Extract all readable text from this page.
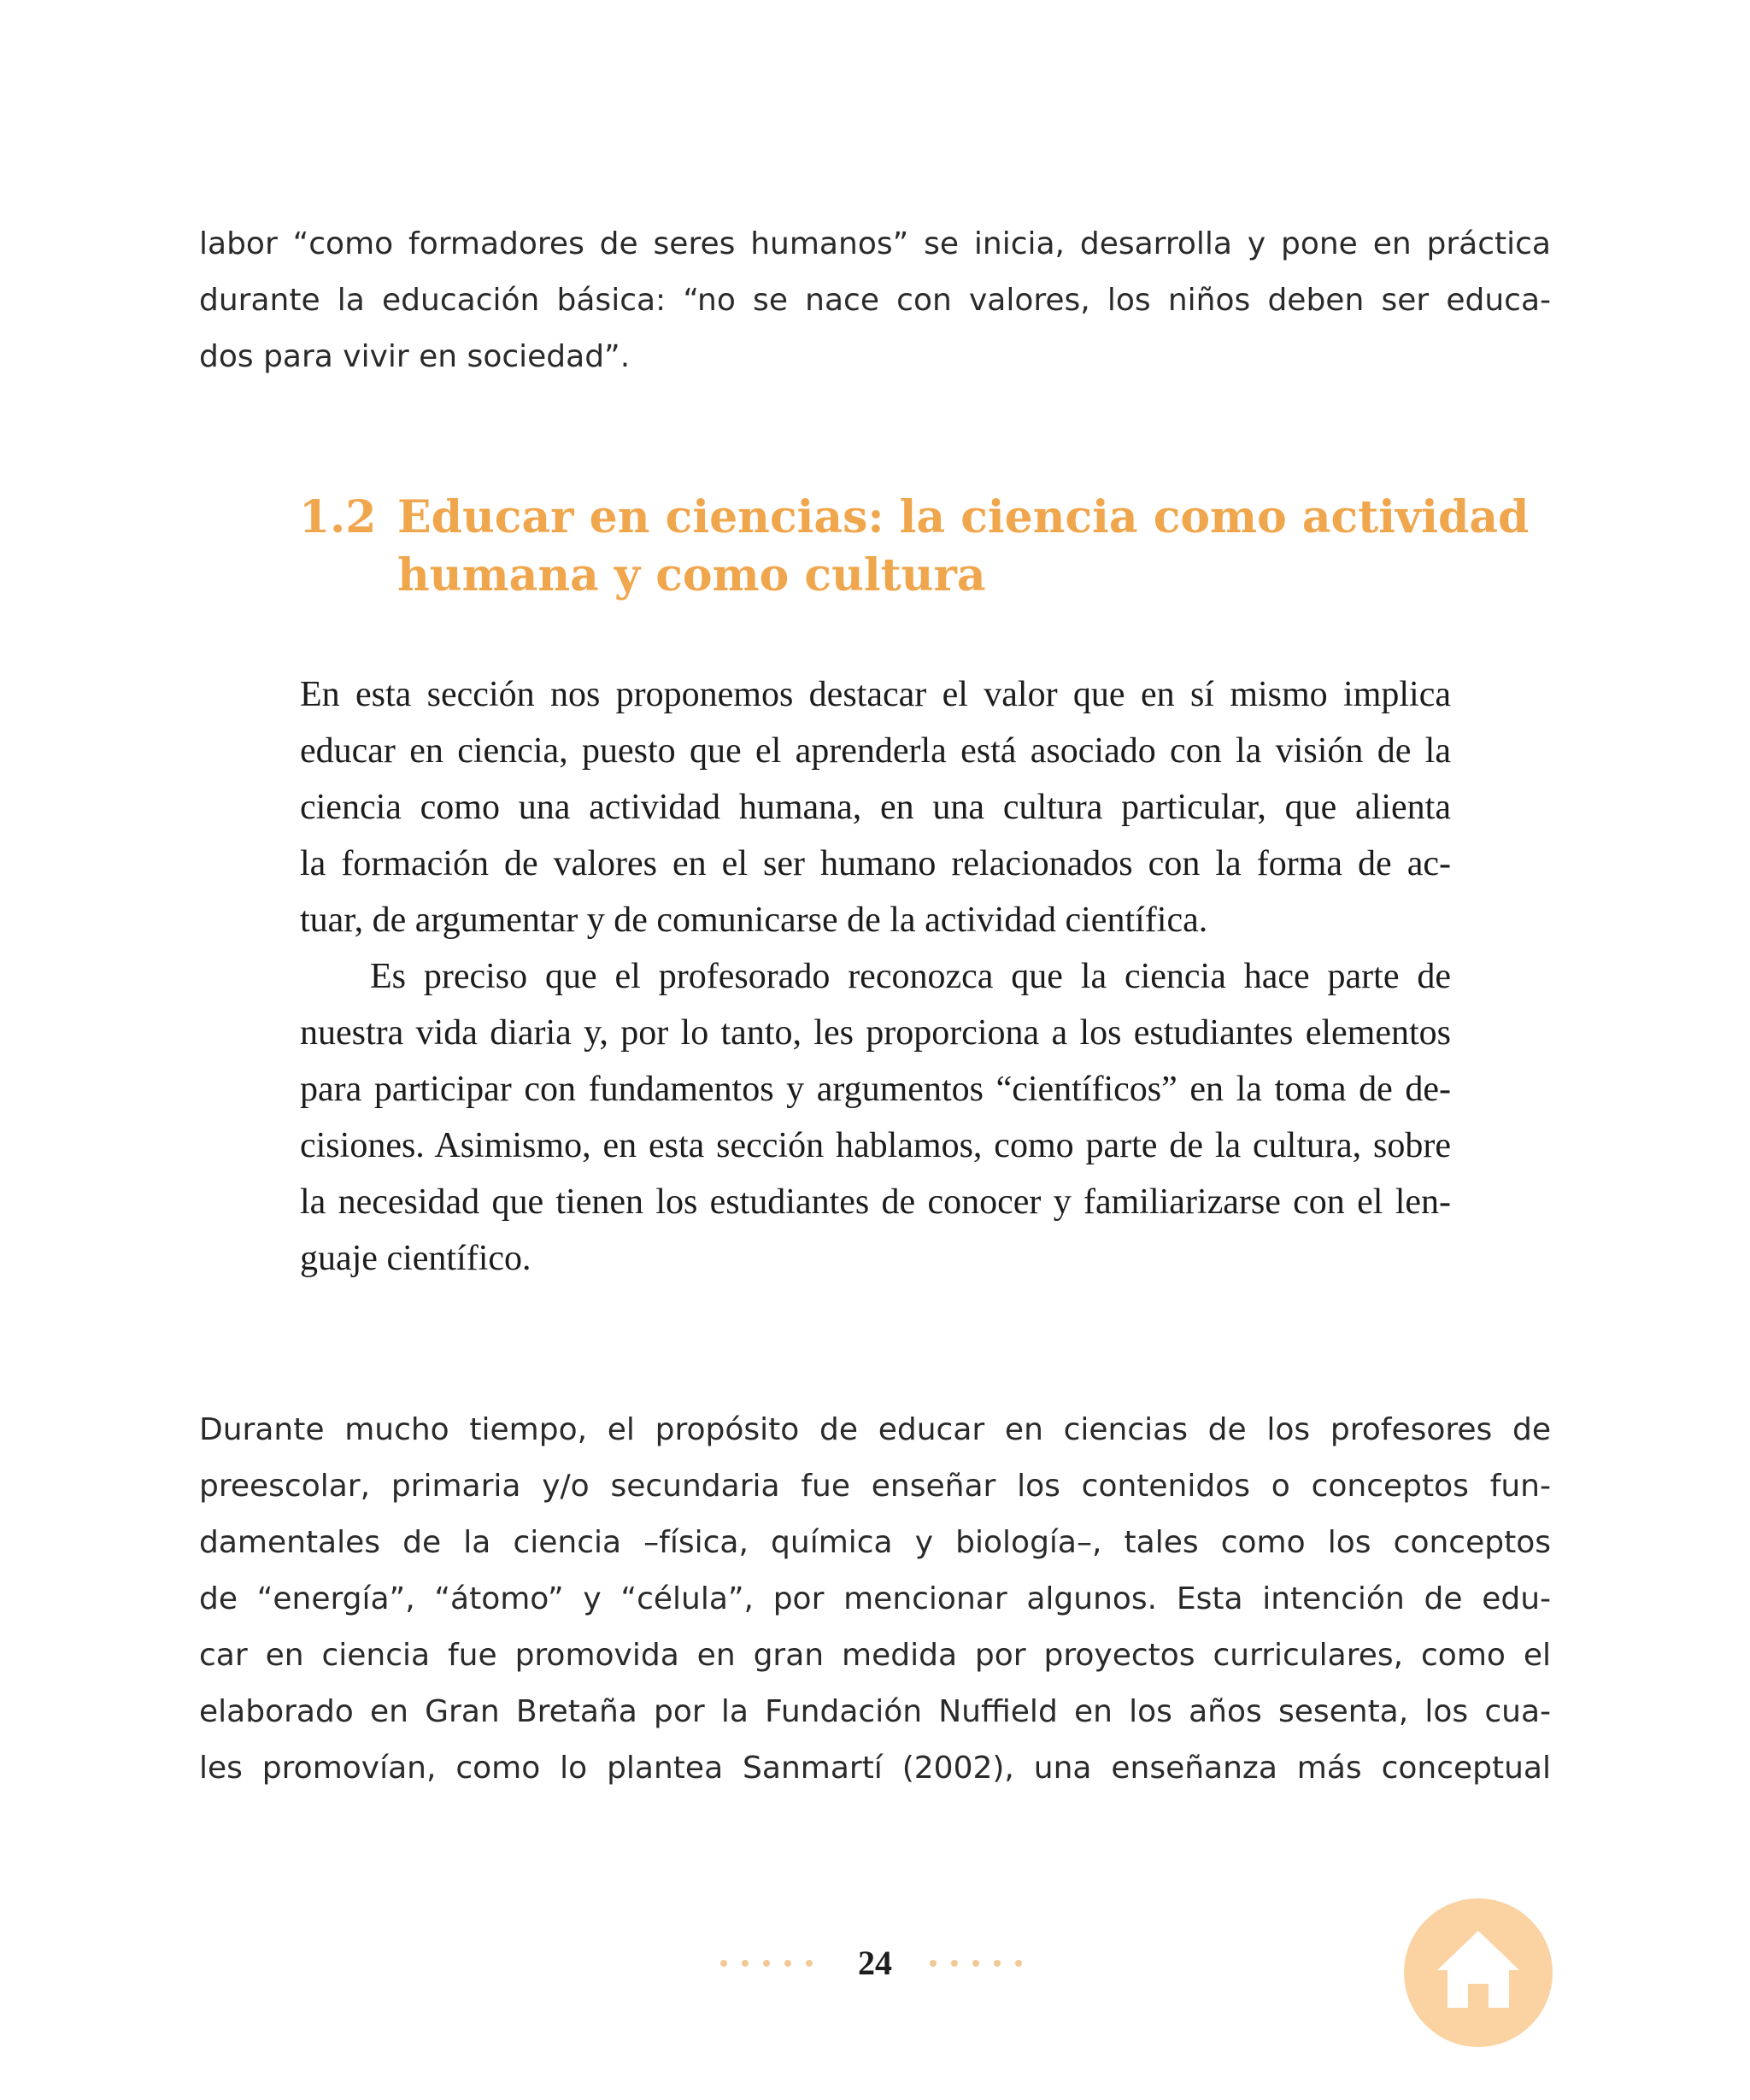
labor “como formadores de seres humanos” se inicia, desarrolla y pone en práctica
durante la educación básica: “no se nace con valores, los niños deben ser educa-
dos para vivir en sociedad”.
1.2 Educar en ciencias: la ciencia como actividad
humana y como cultura
En esta sección nos proponemos destacar el valor que en sí mismo implica
educar en ciencia, puesto que el aprenderla está asociado con la visión de la
ciencia como una actividad humana, en una cultura particular, que alienta
la formación de valores en el ser humano relacionados con la forma de ac-
tuar, de argumentar y de comunicarse de la actividad científica.
Es preciso que el profesorado reconozca que la ciencia hace parte de
nuestra vida diaria y, por lo tanto, les proporciona a los estudiantes elementos
para participar con fundamentos y argumentos “científicos” en la toma de de-
cisiones. Asimismo, en esta sección hablamos, como parte de la cultura, sobre
la necesidad que tienen los estudiantes de conocer y familiarizarse con el len-
guaje científico.
Durante mucho tiempo, el propósito de educar en ciencias de los profesores de
preescolar, primaria y/o secundaria fue enseñar los contenidos o conceptos fun-
damentales de la ciencia –física, química y biología–, tales como los conceptos
de “energía”, “átomo” y “célula”, por mencionar algunos. Esta intención de edu-
car en ciencia fue promovida en gran medida por proyectos curriculares, como el
elaborado en Gran Bretaña por la Fundación Nuffield en los años sesenta, los cua-
les promovían, como lo plantea Sanmartí (2002), una enseñanza más conceptual
24
